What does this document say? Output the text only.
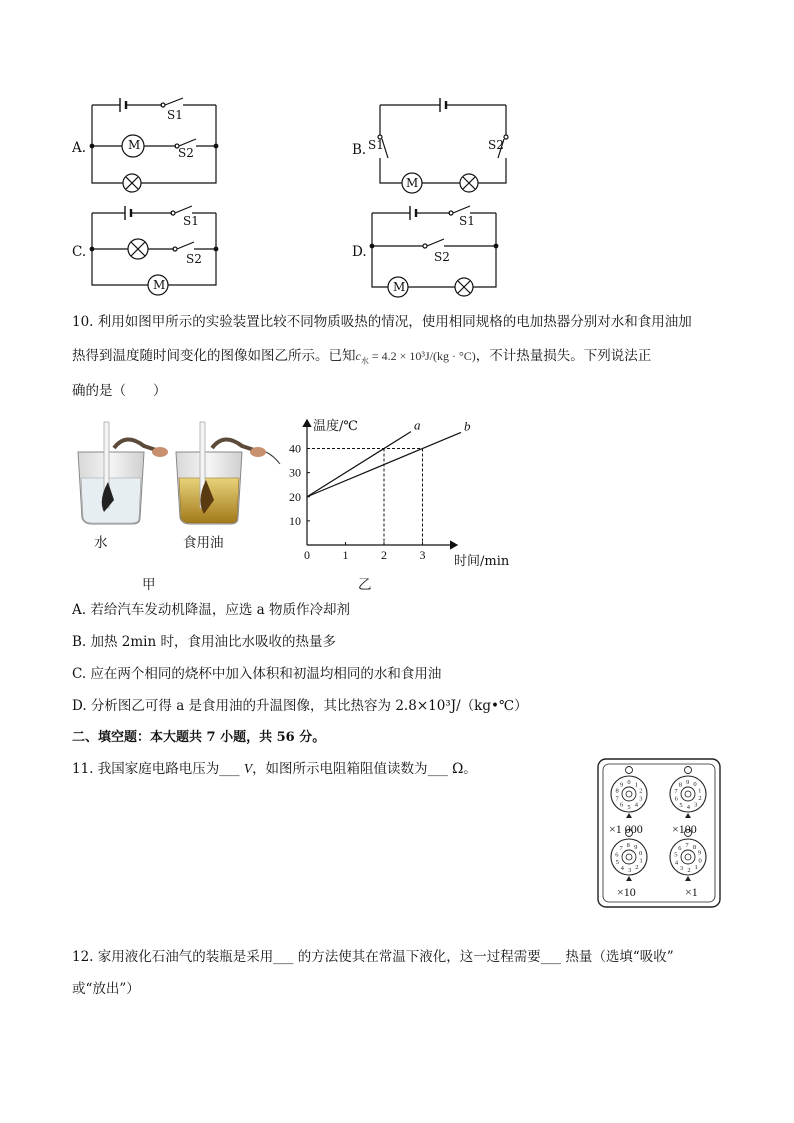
A.	M
S1
S2	B.
M
S1	S2
C.
M
S1
S2	D.
M
S1
S2
10. 利用如图甲所示的实验装置比较不同物质吸热的情况，使用相同规格的电加热器分别对水和食用油加
热得到温度随时间变化的图像如图乙所示。已知$c_水 = 4.2 \times 10^3J/(kg \cdot ^\circ C)$，不计热量损失。下列说法正
确的是（　　）
水	食用油
甲
0	1	2	3
10
20
30
40
a	b
温度/℃
时间/min
乙
A. 若给汽车发动机降温，应选 a 物质作冷却剂
B. 加热 2min 时，食用油比水吸收的热量多
C. 应在两个相同的烧杯中加入体积和初温均相同的水和食用油
D. 分析图乙可得 a 是食用油的升温图像，其比热容为 2.8×10³J/（kg•℃）
二、填空题：本大题共 7 小题，共 56 分。
11. 我国家庭电路电压为___ V，如图所示电阻箱阻值读数为___ Ω。
0 1
2
3
4
5
6
7
8
9	0
1
2
3
4
5
6
7
8 9
0
1
2
3
4
5
6
7 8 9
0
1
2
3
4
5
6 7 8
9
×1 000 ×100
×10	×1
12. 家用液化石油气的装瓶是采用___ 的方法使其在常温下液化，这一过程需要___ 热量（选填“吸收”
或“放出”）
